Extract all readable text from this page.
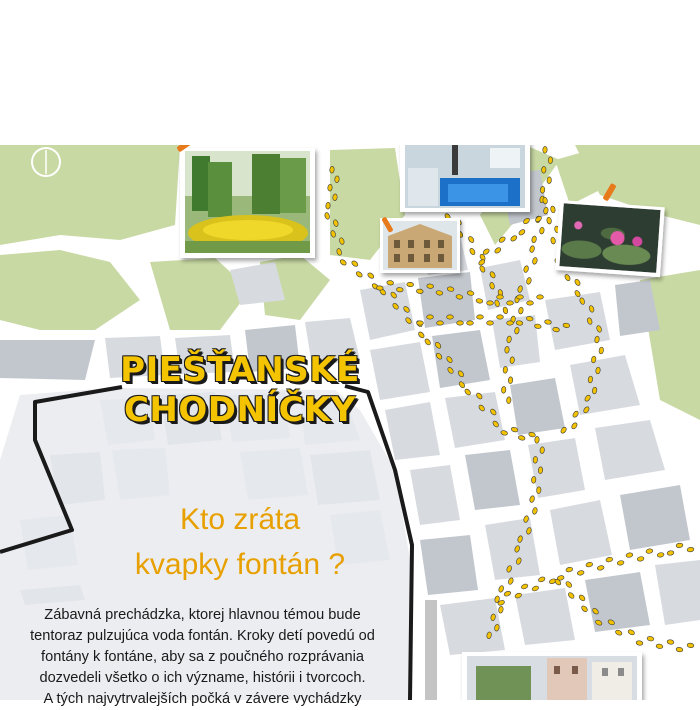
PIEŠŤANSKÉ
CHODNÍČKY
Kto zráta
kvapky fontán ?
Zábavná prechádzka, ktorej hlavnou témou bude
tentoraz pulzujúca voda fontán. Kroky detí povedú od
fontány k fontáne, aby sa z poučného rozprávania
dozvedeli všetko o ich význame, histórii i tvorcoch.
A tých najvytrvalejších počká v závere vychádzky
